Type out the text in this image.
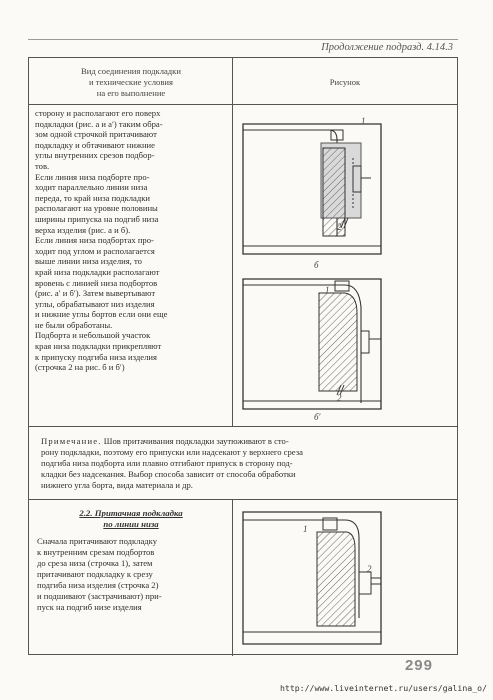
Продолжение подразд. 4.14.3
Вид соединения подкладки
и технические условия
на его выполнение
Рисунок
сторону и располагают его поверх
подкладки (рис. а и а′) таким обра-
зом одной строчкой притачивают
подкладку и обтачивают нижние
углы внутренних срезов подбор-
тов.
Если линия низа подборте про-
ходит параллельно линии низа
переда, то край низа подкладки
располагают на уровне половины
ширины припуска на подгиб низа
верха изделия (рис. а и б).
Если линия низа подбортах про-
ходит под углом и располагается
выше линии низа изделия, то
край низа подкладки располагают
вровень с линией низа подбортов
(рис. а′ и б′). Затем вывертывают
углы, обрабатывают низ изделия
и нижние углы бортов если они еще
не были обработаны.
Подборта и небольшой участок
края низа подкладки прикрепляют
к припуску подгиба низа изделия
(строчка 2 на рис. б и б′)
1
2
б
1
2
б′
Примечание. Шов притачивания подкладки заутюживают в сто-
рону подкладки, поэтому его припуски или надсекают у верхнего среза
подгиба низа подборта или плавно отгибают припуск в сторону под-
кладки без надсекания. Выбор способа зависит от способа обработки
нижнего угла борта, вида материала и др.
2.2. Притачная подкладка
по линии низа
Сначала притачивают подкладку
к внутренним срезам подбортов
до среза низа (строчка 1), затем
притачивают подкладку к срезу
подгиба низа изделия (строчка 2)
и подшивают (застрачивают) при-
пуск на подгиб низе изделия
1
2
299
http://www.liveinternet.ru/users/galina_o/
